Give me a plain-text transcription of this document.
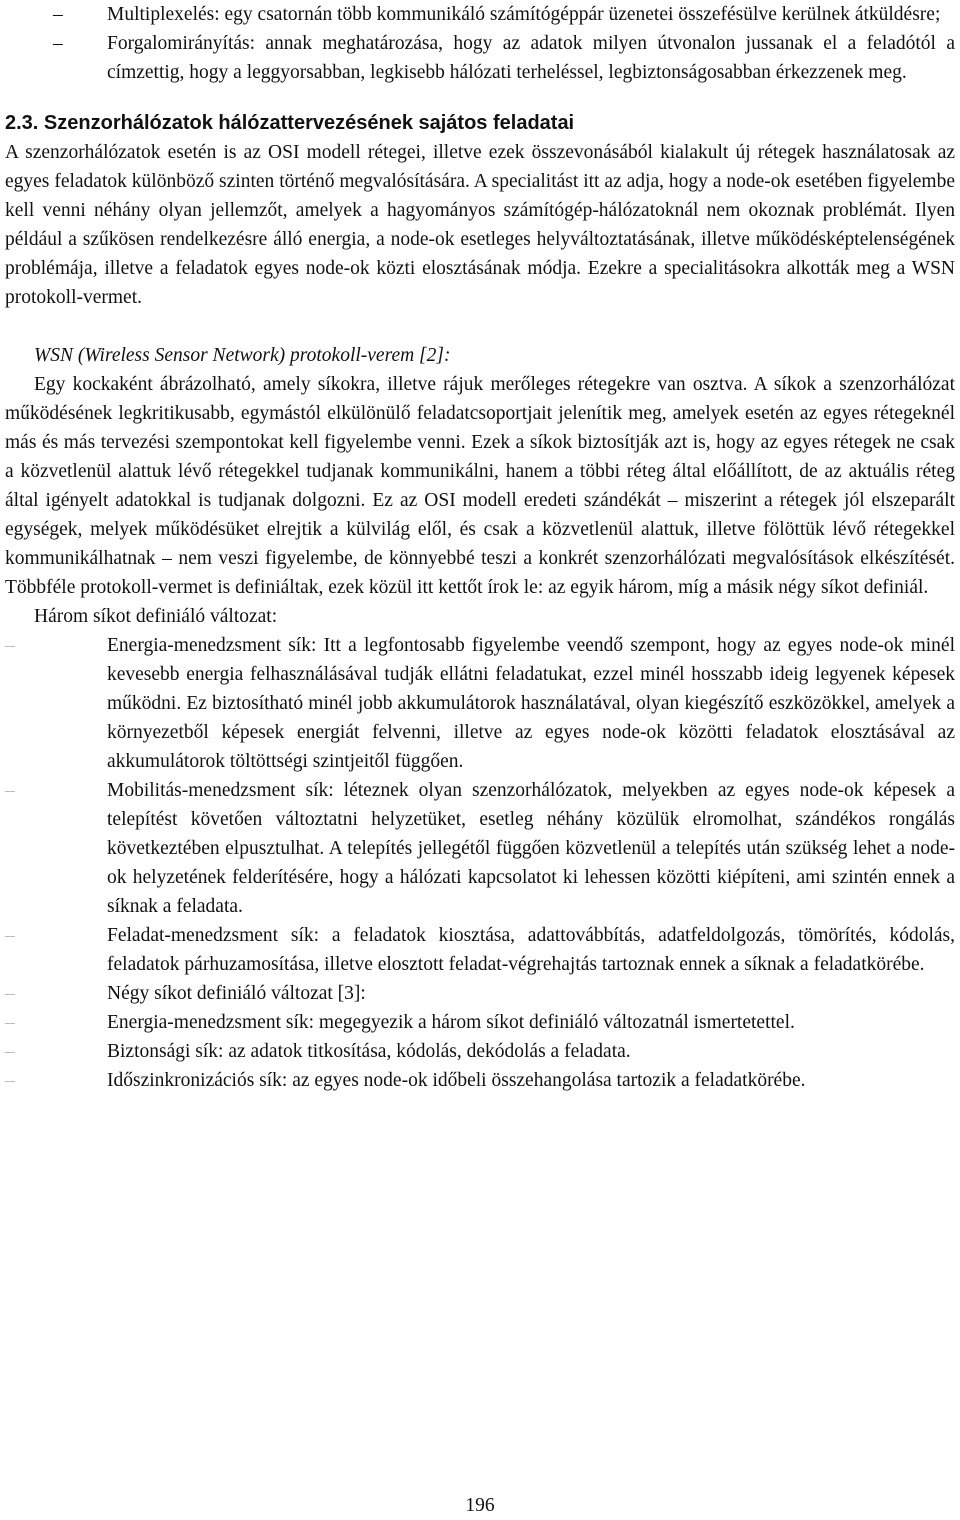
– Multiplexelés: egy csatornán több kommunikáló számítógéppár üzenetei összefésülve kerülnek átküldésre;
– Forgalomirányítás: annak meghatározása, hogy az adatok milyen útvonalon jussanak el a feladótól a címzettig, hogy a leggyorsabban, legkisebb hálózati terheléssel, legbiztonságosabban érkezzenek meg.
2.3. Szenzorhálózatok hálózattervezésének sajátos feladatai

A szenzorhálózatok esetén is az OSI modell rétegei, illetve ezek összevonásából kialakult új rétegek használatosak az egyes feladatok különböző szinten történő megvalósítására. A specialitást itt az adja, hogy a node-ok esetében figyelembe kell venni néhány olyan jellemzőt, amelyek a hagyományos számítógép-hálózatoknál nem okoznak problémát. Ilyen például a szűkösen rendelkezésre álló energia, a node-ok esetleges helyváltoztatásának, illetve működésképtelenségének problémája, illetve a feladatok egyes node-ok közti elosztásának módja. Ezekre a specialitásokra alkották meg a WSN protokoll-vermet.

WSN (Wireless Sensor Network) protokoll-verem [2]:

Egy kockaként ábrázolható, amely síkokra, illetve rájuk merőleges rétegekre van osztva. A síkok a szenzorhálózat működésének legkritikusabb, egymástól elkülönülő feladatcsoportjait jelenítik meg, amelyek esetén az egyes rétegeknél más és más tervezési szempontokat kell figyelembe venni. Ezek a síkok biztosítják azt is, hogy az egyes rétegek ne csak a közvetlenül alattuk lévő rétegekkel tudjanak kommunikálni, hanem a többi réteg által előállított, de az aktuális réteg által igényelt adatokkal is tudjanak dolgozni. Ez az OSI modell eredeti szándékát – miszerint a rétegek jól elszeparált egységek, melyek működésüket elrejtik a külvilág elől, és csak a közvetlenül alattuk, illetve fölöttük lévő rétegekkel kommunikálhatnak – nem veszi figyelembe, de könnyebbé teszi a konkrét szenzorhálózati megvalósítások elkészítését. Többféle protokoll-vermet is definiáltak, ezek közül itt kettőt írok le: az egyik három, míg a másik négy síkot definiál.

Három síkot definiáló változat:

–	Energia-menedzsment sík: Itt a legfontosabb figyelembe veendő szempont, hogy az egyes node-ok minél kevesebb energia felhasználásával tudják ellátni feladatukat, ezzel minél hosszabb ideig legyenek képesek működni. Ez biztosítható minél jobb akkumulátorok használatával, olyan kiegészítő eszközökkel, amelyek a környezetből képesek energiát felvenni, illetve az egyes node-ok közötti feladatok elosztásával az akkumulátorok töltöttségi szintjeitől függően.
–	Mobilitás-menedzsment sík: léteznek olyan szenzorhálózatok, melyekben az egyes node-ok képesek a telepítést követően változtatni helyzetüket, esetleg néhány közülük elromolhat, szándékos rongálás következtében elpusztulhat. A telepítés jellegétől függően közvetlenül a telepítés után szükség lehet a node-ok helyzetének felderítésére, hogy a hálózati kapcsolatot ki lehessen közötti kiépíteni, ami szintén ennek a síknak a feladata.
–	Feladat-menedzsment sík: a feladatok kiosztása, adattovábbítás, adatfeldolgozás, tömörítés, kódolás, feladatok párhuzamosítása, illetve elosztott feladat-végrehajtás tartoznak ennek a síknak a feladatkörébe.
–	Négy síkot definiáló változat [3]:
–	Energia-menedzsment sík: megegyezik a három síkot definiáló változatnál ismertetettel.
–	Biztonsági sík: az adatok titkosítása, kódolás, dekódolás a feladata.
–	Időszinkronizációs sík: az egyes node-ok időbeli összehangolása tartozik a feladatkörébe.
196
